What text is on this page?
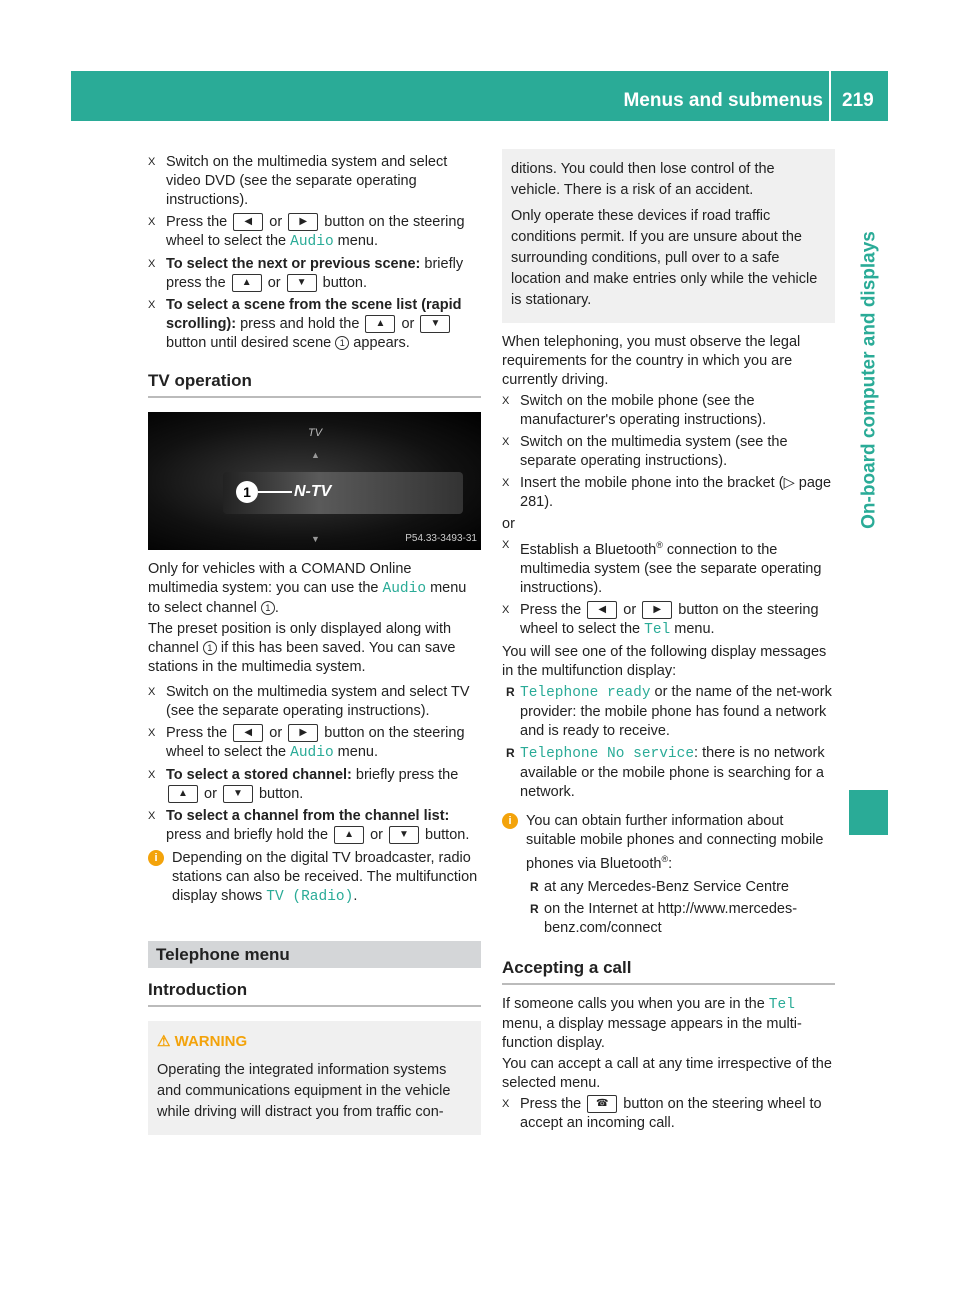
Menus and submenus 219
On-board computer and displays
X Switch on the multimedia system and select video DVD (see the separate operating instructions).
X Press the ◀ or ▶ button on the steering wheel to select the Audio menu.
X To select the next or previous scene: briefly press the ▲ or ▼ button.
X To select a scene from the scene list (rapid scrolling): press and hold the ▲ or ▼ button until desired scene 1 appears.
TV operation
TV
▲
1	N-TV
▼	P54.33-3493-31

Only for vehicles with a COMAND Online multimedia system: you can use the Audio menu to select channel 1 .

The preset position is only displayed along with channel 1 if this has been saved. You can save stations in the multimedia system.

X Switch on the multimedia system and select TV (see the separate operating instructions).
X Press the ◀ or ▶ button on the steering wheel to select the Audio menu.
X To select a stored channel: briefly press the ▲ or ▼ button.
X To select a channel from the channel list: press and briefly hold the ▲ or ▼ button.
i Depending on the digital TV broadcaster, radio stations can also be received. The multifunction display shows TV (Radio).
Telephone menu
Introduction
⚠ WARNING
Operating the integrated information systems and communications equipment in the vehicle while driving will distract you from traffic con-
ditions. You could then lose control of the vehicle. There is a risk of an accident.
Only operate these devices if road traffic conditions permit. If you are unsure about the surrounding conditions, pull over to a safe location and make entries only while the vehicle is stationary.

When telephoning, you must observe the legal requirements for the country in which you are currently driving.

X Switch on the mobile phone (see the manufacturer's operating instructions).
X Switch on the multimedia system (see the separate operating instructions).
X Insert the mobile phone into the bracket (▷ page 281).

or

X Establish a Bluetooth® connection to the multimedia system (see the separate operating instructions).
X Press the ◀ or ▶ button on the steering wheel to select the Tel menu.

You will see one of the following display messages in the multifunction display:

R Telephone ready or the name of the net-work provider: the mobile phone has found a network and is ready to receive.
R Telephone No service: there is no network available or the mobile phone is searching for a network.
i You can obtain further information about suitable mobile phones and connecting mobile phones via Bluetooth®:
R at any Mercedes-Benz Service Centre
R on the Internet at http://www.mercedes-benz.com/connect
Accepting a call

If someone calls you when you are in the Tel menu, a display message appears in the multi-function display.

You can accept a call at any time irrespective of the selected menu.

X Press the ☎ button on the steering wheel to accept an incoming call.
